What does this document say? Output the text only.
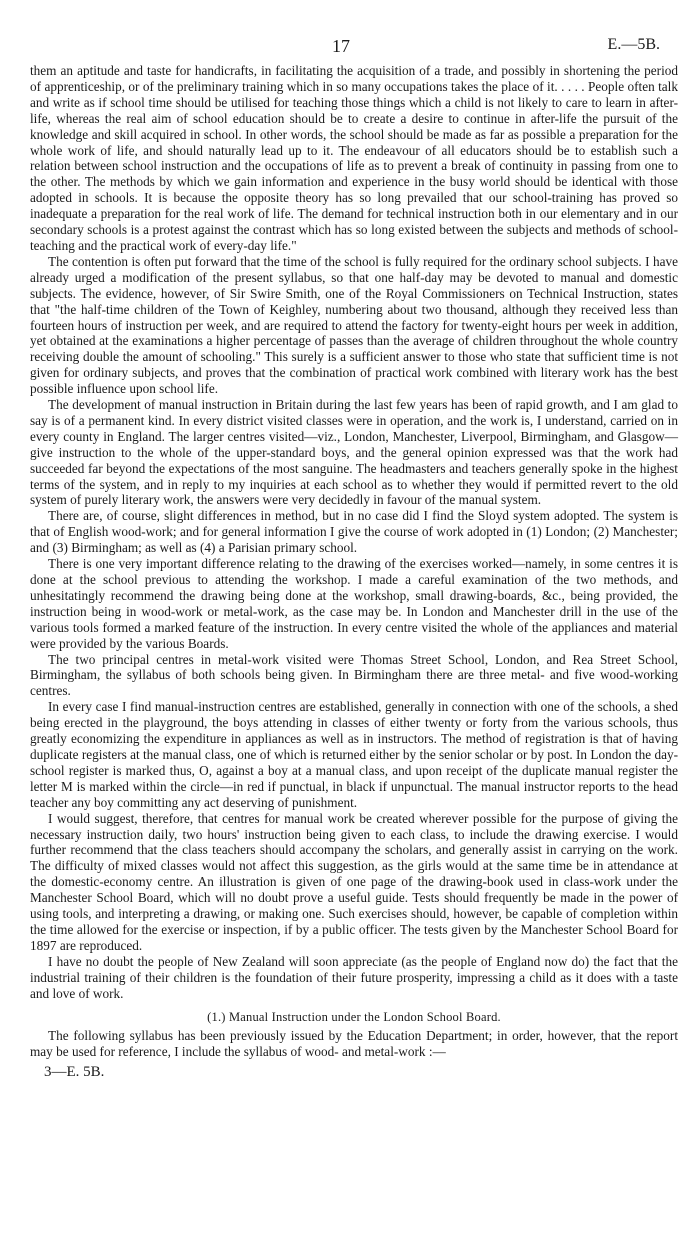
17	E.—5B.

them an aptitude and taste for handicrafts, in facilitating the acquisition of a trade, and possibly in shortening the period of apprenticeship, or of the preliminary training which in so many occupations takes the place of it. . . . . People often talk and write as if school time should be utilised for teaching those things which a child is not likely to care to learn in after-life, whereas the real aim of school education should be to create a desire to continue in after-life the pursuit of the knowledge and skill acquired in school. In other words, the school should be made as far as possible a preparation for the whole work of life, and should naturally lead up to it. The endeavour of all educators should be to establish such a relation between school instruction and the occupations of life as to prevent a break of continuity in passing from one to the other. The methods by which we gain information and experience in the busy world should be identical with those adopted in schools. It is because the opposite theory has so long prevailed that our school-training has proved so inadequate a preparation for the real work of life. The demand for technical instruction both in our elementary and in our secondary schools is a protest against the contrast which has so long existed between the subjects and methods of school-teaching and the practical work of every-day life."

The contention is often put forward that the time of the school is fully required for the ordinary school subjects. I have already urged a modification of the present syllabus, so that one half-day may be devoted to manual and domestic subjects. The evidence, however, of Sir Swire Smith, one of the Royal Commissioners on Technical Instruction, states that "the half-time children of the Town of Keighley, numbering about two thousand, although they received less than fourteen hours of instruction per week, and are required to attend the factory for twenty-eight hours per week in addition, yet obtained at the examinations a higher percentage of passes than the average of children throughout the whole country receiving double the amount of schooling." This surely is a sufficient answer to those who state that sufficient time is not given for ordinary subjects, and proves that the combination of practical work combined with literary work has the best possible influence upon school life.

The development of manual instruction in Britain during the last few years has been of rapid growth, and I am glad to say is of a permanent kind. In every district visited classes were in operation, and the work is, I understand, carried on in every county in England. The larger centres visited—viz., London, Manchester, Liverpool, Birmingham, and Glasgow—give instruction to the whole of the upper-standard boys, and the general opinion expressed was that the work had succeeded far beyond the expectations of the most sanguine. The headmasters and teachers generally spoke in the highest terms of the system, and in reply to my inquiries at each school as to whether they would if permitted revert to the old system of purely literary work, the answers were very decidedly in favour of the manual system.

There are, of course, slight differences in method, but in no case did I find the Sloyd system adopted. The system is that of English wood-work; and for general information I give the course of work adopted in (1) London; (2) Manchester; and (3) Birmingham; as well as (4) a Parisian primary school.

There is one very important difference relating to the drawing of the exercises worked—namely, in some centres it is done at the school previous to attending the workshop. I made a careful examination of the two methods, and unhesitatingly recommend the drawing being done at the workshop, small drawing-boards, &c., being provided, the instruction being in wood-work or metal-work, as the case may be. In London and Manchester drill in the use of the various tools formed a marked feature of the instruction. In every centre visited the whole of the appliances and material were provided by the various Boards.

The two principal centres in metal-work visited were Thomas Street School, London, and Rea Street School, Birmingham, the syllabus of both schools being given. In Birmingham there are three metal- and five wood-working centres.

In every case I find manual-instruction centres are established, generally in connection with one of the schools, a shed being erected in the playground, the boys attending in classes of either twenty or forty from the various schools, thus greatly economizing the expenditure in appliances as well as in instructors. The method of registration is that of having duplicate registers at the manual class, one of which is returned either by the senior scholar or by post. In London the day-school register is marked thus, O, against a boy at a manual class, and upon receipt of the duplicate manual register the letter M is marked within the circle—in red if punctual, in black if unpunctual. The manual instructor reports to the head teacher any boy committing any act deserving of punishment.

I would suggest, therefore, that centres for manual work be created wherever possible for the purpose of giving the necessary instruction daily, two hours' instruction being given to each class, to include the drawing exercise. I would further recommend that the class teachers should accompany the scholars, and generally assist in carrying on the work. The difficulty of mixed classes would not affect this suggestion, as the girls would at the same time be in attendance at the domestic-economy centre. An illustration is given of one page of the drawing-book used in class-work under the Manchester School Board, which will no doubt prove a useful guide. Tests should frequently be made in the power of using tools, and interpreting a drawing, or making one. Such exercises should, however, be capable of completion within the time allowed for the exercise or inspection, if by a public officer. The tests given by the Manchester School Board for 1897 are reproduced.

I have no doubt the people of New Zealand will soon appreciate (as the people of England now do) the fact that the industrial training of their children is the foundation of their future prosperity, impressing a child as it does with a taste and love of work.

(1.) Manual Instruction under the London School Board.

The following syllabus has been previously issued by the Education Department; in order, however, that the report may be used for reference, I include the syllabus of wood- and metal-work :—

3—E. 5B.
